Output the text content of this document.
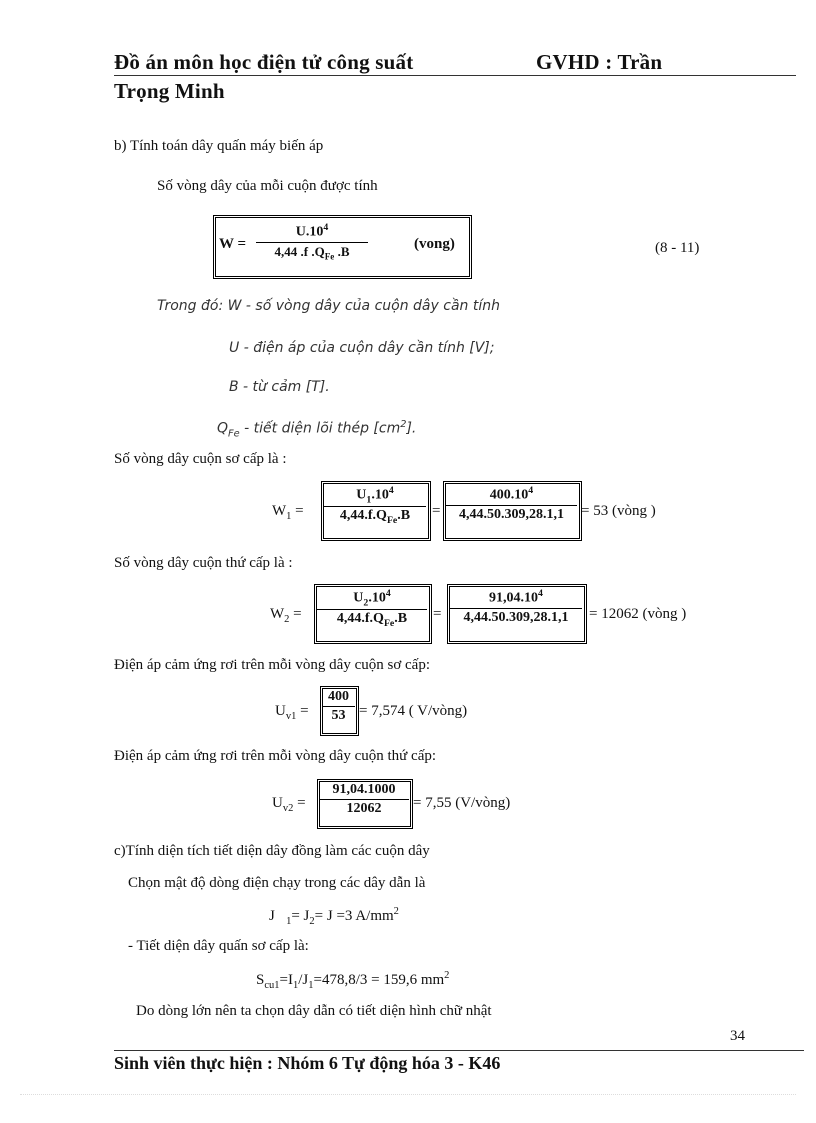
Đồ án môn học điện tử công suất	GVHD : Trần
Trọng Minh
b) Tính toán dây quấn máy biến áp
Số vòng dây của mỗi cuộn được tính
W =
$U.10^4$
4,44 .f $.Q_{Fe}$ .B	(vong)	(8 - 11)
Trong đó: W - số vòng dây của cuộn dây cần tính
U - điện áp của cuộn dây cần tính [V];
B - từ cảm [T].
$Q_{Fe}$ - tiết diện lõi thép $[cm^2]$.
Số vòng dây cuộn sơ cấp là :
$W_1$ =
$U_1.10^4$
$4,44.f.Q_{Fe}.B$ =
$400.10^4$
4,44.50.309,28.1,1 = 53 (vòng )
Số vòng dây cuộn thứ cấp là :
$W_2$ =
$U_2.10^4$
$4,44.f.Q_{Fe}.B$ =
$91,04.10^4$
4,44.50.309,28.1,1 = 12062 (vòng )
Điện áp cảm ứng rơi trên mỗi vòng dây cuộn sơ cấp:
$U_{v1}$ =
400
53 = 7,574 ( V/vòng)
Điện áp cảm ứng rơi trên mỗi vòng dây cuộn thứ cấp:
$U_{v2}$ =
91,04.1000
12062 = 7,55 (V/vòng)
c)Tính diện tích tiết diện dây đồng làm các cuộn dây
Chọn mật độ dòng điện chạy trong các dây dẫn là
J $_1= J_2= J =3$ $A/mm^2$
- Tiết diện dây quấn sơ cấp là:
$S_{cu1}=I_1/J_1=478,8/3 = 159,6$ $mm^2$
Do dòng lớn nên ta chọn dây dẫn có tiết diện hình chữ nhật
34
Sinh viên thực hiện : Nhóm 6 Tự động hóa 3 - K46
